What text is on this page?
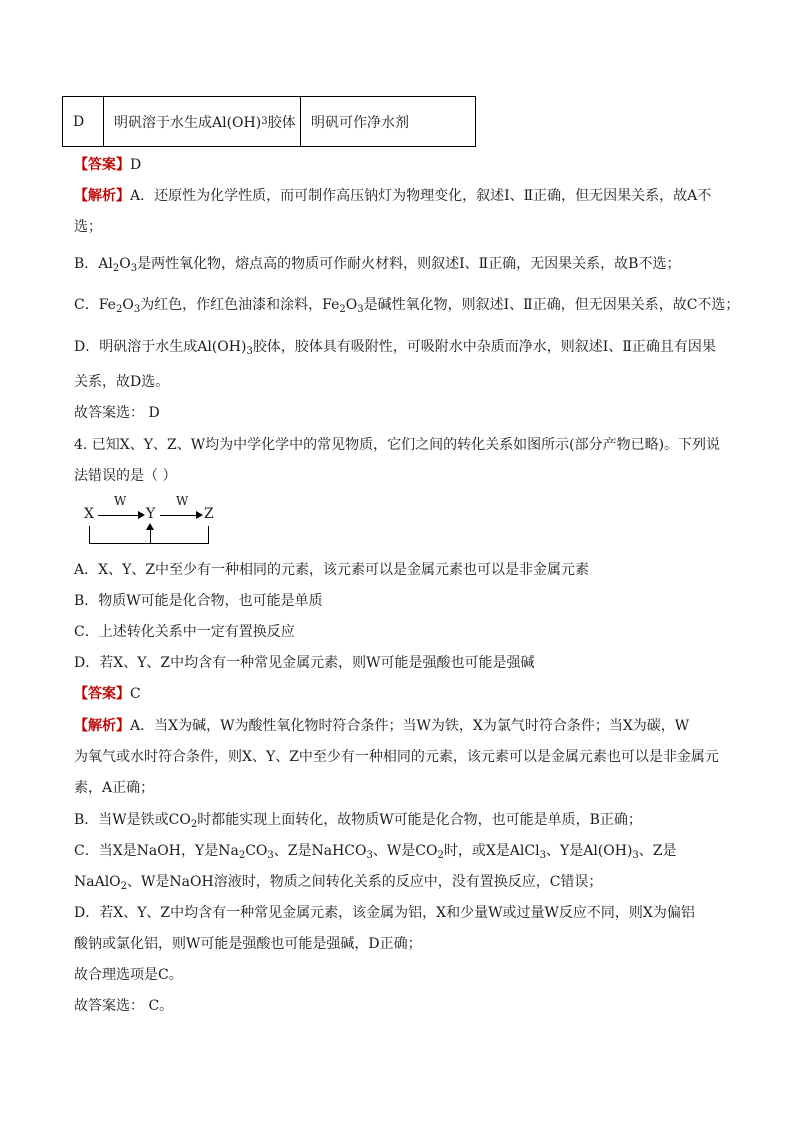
D 明矾溶于水生成Al(OH) 3 胶体 明矾可作净水剂
【答案】D
【解析】A．还原性为化学性质，而可制作高压钠灯为物理变化，叙述Ⅰ、Ⅱ正确，但无因果关系，故A不
选；
B．$Al_2O_3$是两性氧化物，熔点高的物质可作耐火材料，则叙述Ⅰ、Ⅱ正确，无因果关系，故B不选；
C．$Fe_2O_3$为红色，作红色油漆和涂料，$Fe_2O_3$是碱性氧化物，则叙述Ⅰ、Ⅱ正确，但无因果关系，故C不选；
D．明矾溶于水生成$Al(OH)_3$胶体，胶体具有吸附性，可吸附水中杂质而净水，则叙述Ⅰ、Ⅱ正确且有因果
关系，故D选。
故答案选： D
4. 已知X、Y、Z、W均为中学化学中的常见物质，它们之间的转化关系如图所示(部分产物已略)。下列说
法错误的是（ ）
X
W
Y
W
Z
A．X、Y、Z中至少有一种相同的元素，该元素可以是金属元素也可以是非金属元素
B．物质W可能是化合物，也可能是单质
C．上述转化关系中一定有置换反应
D．若X、Y、Z中均含有一种常见金属元素，则W可能是强酸也可能是强碱
【答案】C
【解析】A．当X为碱，W为酸性氧化物时符合条件；当W为铁，X为氯气时符合条件；当X为碳，W
为氧气或水时符合条件，则X、Y、Z中至少有一种相同的元素，该元素可以是金属元素也可以是非金属元
素，A正确；
B．当W是铁或$CO_2$时都能实现上面转化，故物质W可能是化合物，也可能是单质，B正确；
C．当X是NaOH，Y是$Na_2CO_3$、Z是NaHCO$_3$、W是$CO_2$时，或X是AlCl$_3$、Y是$Al(OH)_3$、Z是
NaAlO$_2$、W是NaOH溶液时，物质之间转化关系的反应中，没有置换反应，C错误；
D．若X、Y、Z中均含有一种常见金属元素，该金属为铝，X和少量W或过量W反应不同，则X为偏铝
酸钠或氯化铝，则W可能是强酸也可能是强碱，D正确；
故合理选项是C。
故答案选： C。
